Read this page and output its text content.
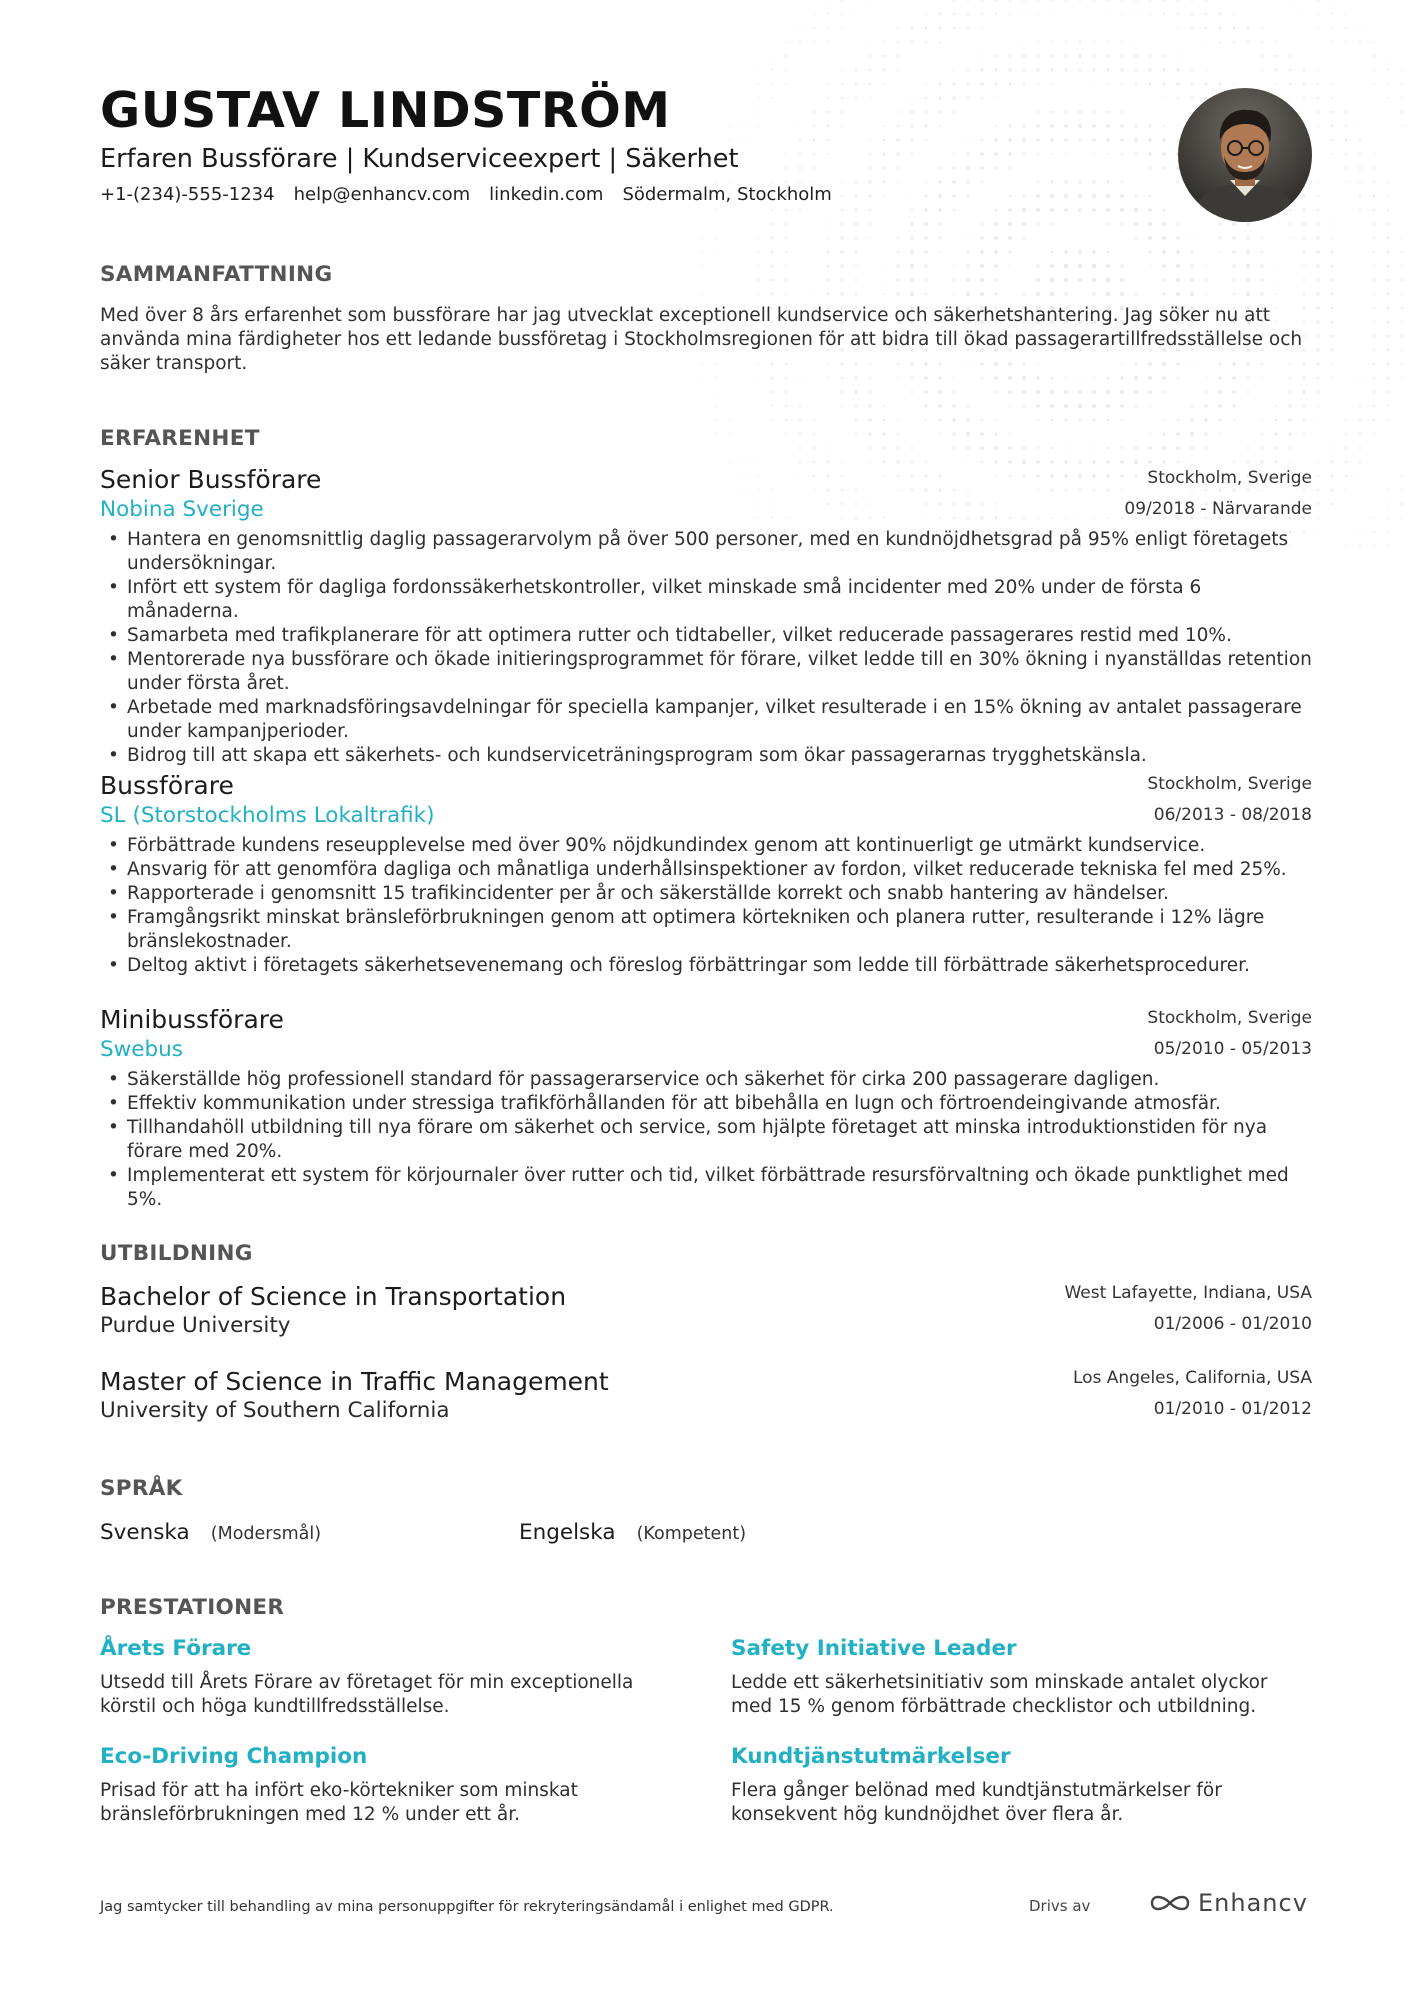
GUSTAV LINDSTRÖM
Erfaren Bussförare | Kundserviceexpert | Säkerhet
+1-(234)-555-1234 help@enhancv.com linkedin.com Södermalm, Stockholm
SAMMANFATTNING

Med över 8 års erfarenhet som bussförare har jag utvecklat exceptionell kundservice och säkerhetshantering. Jag söker nu att använda mina färdigheter hos ett ledande bussföretag i Stockholmsregionen för att bidra till ökad passagerartillfredsställelse och säker transport.

ERFARENHET
Senior Bussförare	Stockholm, Sverige
Nobina Sverige	09/2018 - Närvarande
• Hantera en genomsnittlig daglig passagerarvolym på över 500 personer, med en kundnöjdhetsgrad på 95% enligt företagets undersökningar.
• Infört ett system för dagliga fordonssäkerhetskontroller, vilket minskade små incidenter med 20% under de första 6 månaderna.
• Samarbeta med trafikplanerare för att optimera rutter och tidtabeller, vilket reducerade passagerares restid med 10%.
• Mentorerade nya bussförare och ökade initieringsprogrammet för förare, vilket ledde till en 30% ökning i nyanställdas retention under första året.
• Arbetade med marknadsföringsavdelningar för speciella kampanjer, vilket resulterade i en 15% ökning av antalet passagerare under kampanjperioder.
• Bidrog till att skapa ett säkerhets- och kundserviceträningsprogram som ökar passagerarnas trygghetskänsla.
Bussförare	Stockholm, Sverige
SL (Storstockholms Lokaltrafik)	06/2013 - 08/2018
• Förbättrade kundens reseupplevelse med över 90% nöjdkundindex genom att kontinuerligt ge utmärkt kundservice.
• Ansvarig för att genomföra dagliga och månatliga underhållsinspektioner av fordon, vilket reducerade tekniska fel med 25%.
• Rapporterade i genomsnitt 15 trafikincidenter per år och säkerställde korrekt och snabb hantering av händelser.
• Framgångsrikt minskat bränsleförbrukningen genom att optimera körtekniken och planera rutter, resulterande i 12% lägre bränslekostnader.
• Deltog aktivt i företagets säkerhetsevenemang och föreslog förbättringar som ledde till förbättrade säkerhetsprocedurer.
Minibussförare	Stockholm, Sverige
Swebus	05/2010 - 05/2013
• Säkerställde hög professionell standard för passagerarservice och säkerhet för cirka 200 passagerare dagligen.
• Effektiv kommunikation under stressiga trafikförhållanden för att bibehålla en lugn och förtroendeingivande atmosfär.
• Tillhandahöll utbildning till nya förare om säkerhet och service, som hjälpte företaget att minska introduktionstiden för nya förare med 20%.
• Implementerat ett system för körjournaler över rutter och tid, vilket förbättrade resursförvaltning och ökade punktlighet med 5%.
UTBILDNING
Bachelor of Science in Transportation	West Lafayette, Indiana, USA
Purdue University	01/2006 - 01/2010
Master of Science in Traffic Management	Los Angeles, California, USA
University of Southern California	01/2010 - 01/2012
SPRÅK
Svenska (Modersmål)	Engelska (Kompetent)
PRESTATIONER
Årets Förare

Utsedd till Årets Förare av företaget för min exceptionella körstil och höga kundtillfredsställelse.

Safety Initiative Leader

Ledde ett säkerhetsinitiativ som minskade antalet olyckor med 15 % genom förbättrade checklistor och utbildning.

Eco-Driving Champion

Prisad för att ha infört eko-körtekniker som minskat bränsleförbrukningen med 12 % under ett år.

Kundtjänstutmärkelser

Flera gånger belönad med kundtjänstutmärkelser för konsekvent hög kundnöjdhet över flera år.

Jag samtycker till behandling av mina personuppgifter för rekryteringsändamål i enlighet med GDPR.	Drivs av	Enhancv
